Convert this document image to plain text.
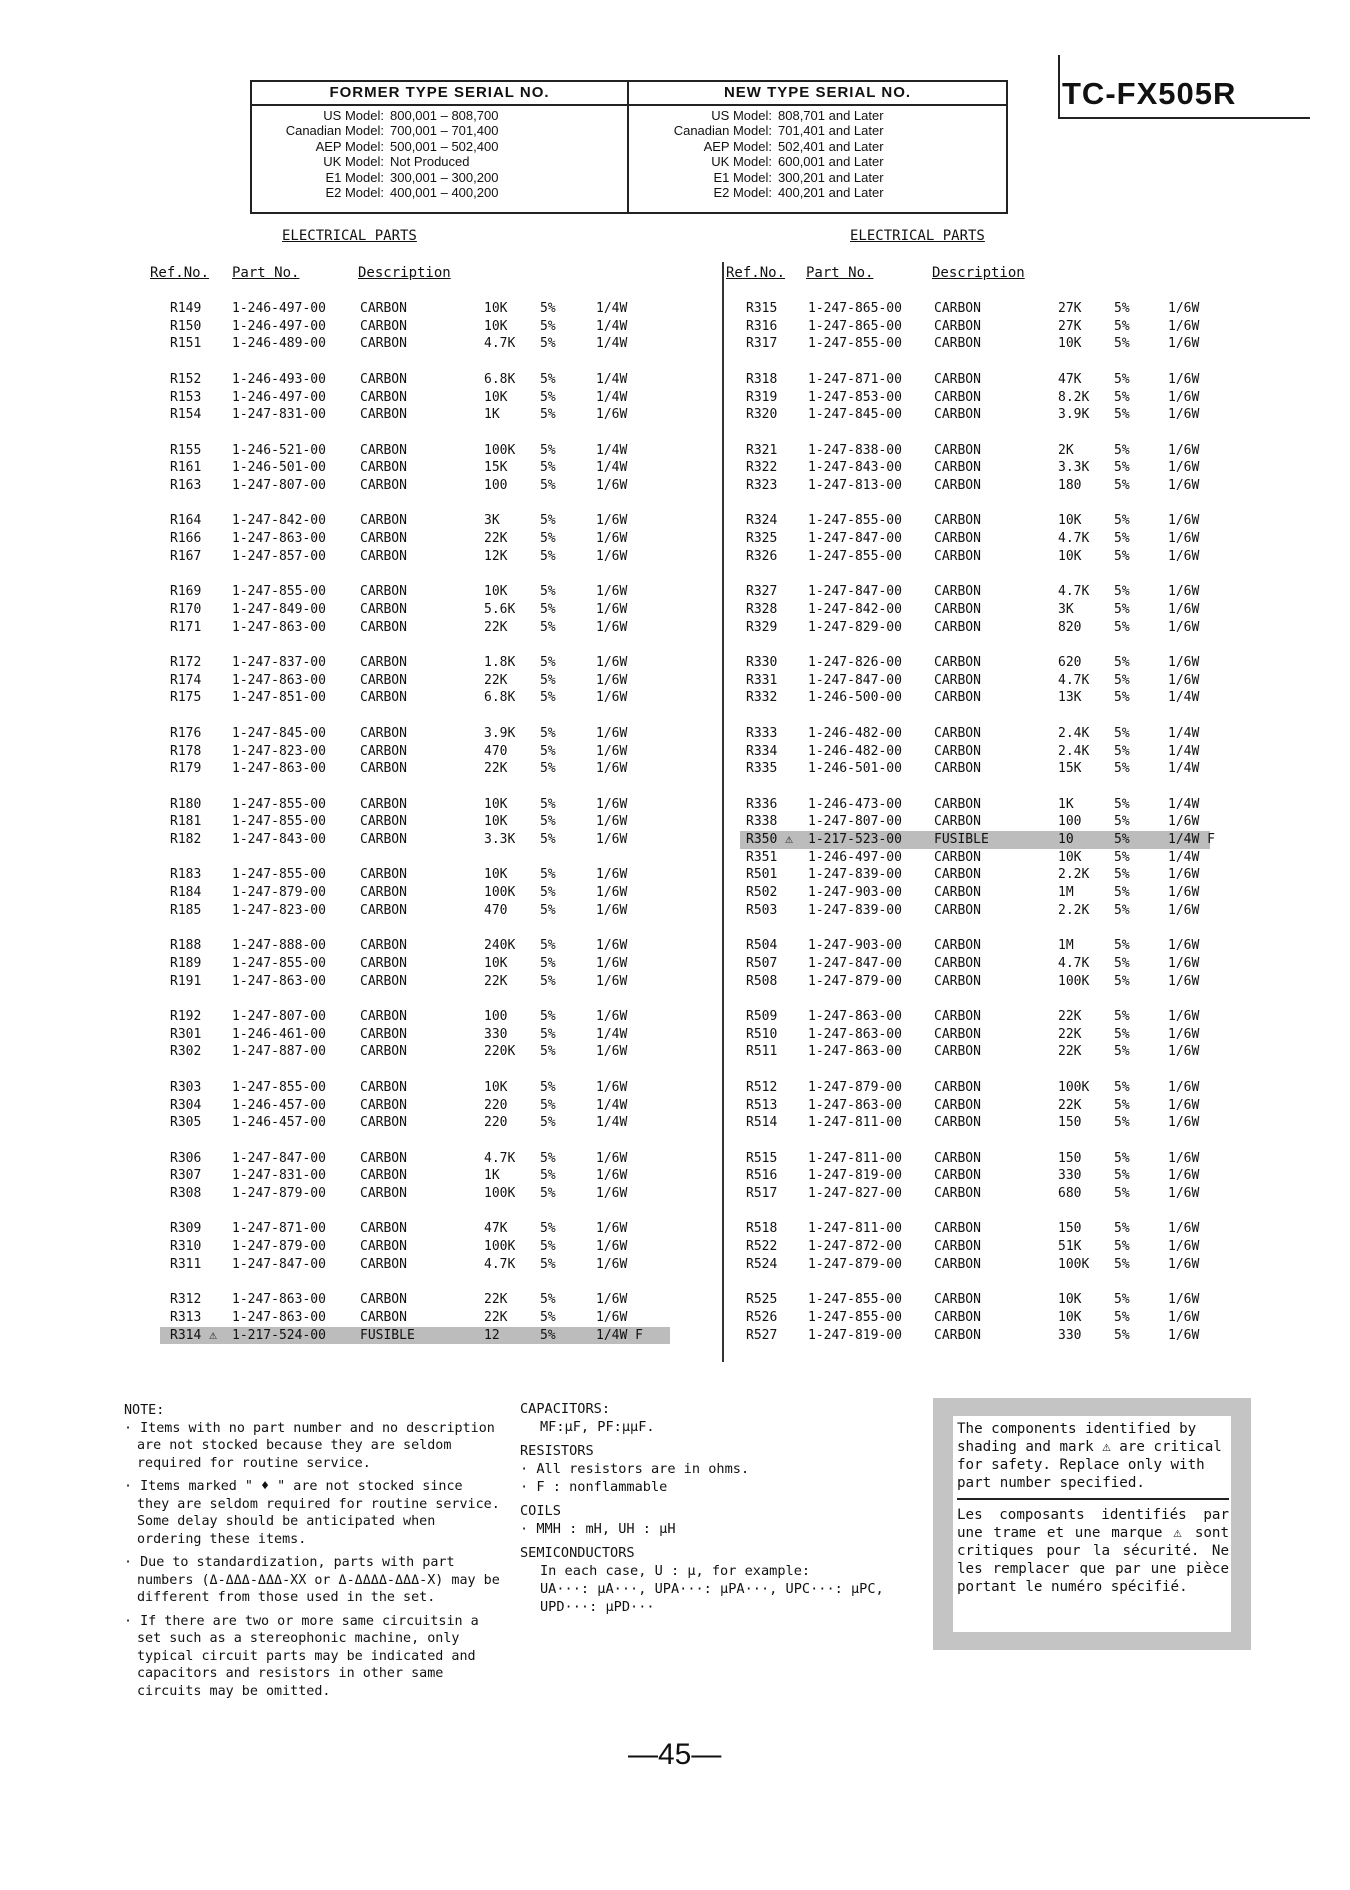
TC-FX505R
FORMER TYPE SERIAL NO.
US Model: 800,001 – 808,700
Canadian Model: 700,001 – 701,400
AEP Model: 500,001 – 502,400
UK Model: Not Produced
E1 Model: 300,001 – 300,200
E2 Model: 400,001 – 400,200
NEW TYPE SERIAL NO.
US Model: 808,701 and Later
Canadian Model: 701,401 and Later
AEP Model: 502,401 and Later
UK Model: 600,001 and Later
E1 Model: 300,201 and Later
E2 Model: 400,201 and Later
ELECTRICAL PARTS	ELECTRICAL PARTS
Ref.No. Part No.	Description	Ref.No. Part No.	Description
R149 1-246-497-00	CARBON	10K	5%	1/4W
R150 1-246-497-00	CARBON	10K	5%	1/4W
R151 1-246-489-00	CARBON	4.7K 5%	1/4W
R152 1-246-493-00	CARBON	6.8K 5%	1/4W
R153 1-246-497-00	CARBON	10K	5%	1/4W
R154 1-247-831-00	CARBON	1K	5%	1/6W
R155 1-246-521-00	CARBON	100K 5%	1/4W
R161 1-246-501-00	CARBON	15K	5%	1/4W
R163 1-247-807-00	CARBON	100	5%	1/6W
R164 1-247-842-00	CARBON	3K	5%	1/6W
R166 1-247-863-00	CARBON	22K	5%	1/6W
R167 1-247-857-00	CARBON	12K	5%	1/6W
R169 1-247-855-00	CARBON	10K	5%	1/6W
R170 1-247-849-00	CARBON	5.6K 5%	1/6W
R171 1-247-863-00	CARBON	22K	5%	1/6W
R172 1-247-837-00	CARBON	1.8K 5%	1/6W
R174 1-247-863-00	CARBON	22K	5%	1/6W
R175 1-247-851-00	CARBON	6.8K 5%	1/6W
R176 1-247-845-00	CARBON	3.9K 5%	1/6W
R178 1-247-823-00	CARBON	470	5%	1/6W
R179 1-247-863-00	CARBON	22K	5%	1/6W
R180 1-247-855-00	CARBON	10K	5%	1/6W
R181 1-247-855-00	CARBON	10K	5%	1/6W
R182 1-247-843-00	CARBON	3.3K 5%	1/6W
R183 1-247-855-00	CARBON	10K	5%	1/6W
R184 1-247-879-00	CARBON	100K 5%	1/6W
R185 1-247-823-00	CARBON	470	5%	1/6W
R188 1-247-888-00	CARBON	240K 5%	1/6W
R189 1-247-855-00	CARBON	10K	5%	1/6W
R191 1-247-863-00	CARBON	22K	5%	1/6W
R192 1-247-807-00	CARBON	100	5%	1/6W
R301 1-246-461-00	CARBON	330	5%	1/4W
R302 1-247-887-00	CARBON	220K 5%	1/6W
R303 1-247-855-00	CARBON	10K	5%	1/6W
R304 1-246-457-00	CARBON	220	5%	1/4W
R305 1-246-457-00	CARBON	220	5%	1/4W
R306 1-247-847-00	CARBON	4.7K 5%	1/6W
R307 1-247-831-00	CARBON	1K	5%	1/6W
R308 1-247-879-00	CARBON	100K 5%	1/6W
R309 1-247-871-00	CARBON	47K	5%	1/6W
R310 1-247-879-00	CARBON	100K 5%	1/6W
R311 1-247-847-00	CARBON	4.7K 5%	1/6W
R312 1-247-863-00	CARBON	22K	5%	1/6W
R313 1-247-863-00	CARBON	22K	5%	1/6W
R314 ⚠ 1-217-524-00	FUSIBLE	12	5%	1/4W F
R315 1-247-865-00 CARBON	27K	5%	1/6W
R316 1-247-865-00 CARBON	27K	5%	1/6W
R317 1-247-855-00 CARBON	10K	5%	1/6W
R318 1-247-871-00 CARBON	47K	5%	1/6W
R319 1-247-853-00 CARBON	8.2K 5%	1/6W
R320 1-247-845-00 CARBON	3.9K 5%	1/6W
R321 1-247-838-00 CARBON	2K	5%	1/6W
R322 1-247-843-00 CARBON	3.3K 5%	1/6W
R323 1-247-813-00 CARBON	180	5%	1/6W
R324 1-247-855-00 CARBON	10K	5%	1/6W
R325 1-247-847-00 CARBON	4.7K 5%	1/6W
R326 1-247-855-00 CARBON	10K	5%	1/6W
R327 1-247-847-00 CARBON	4.7K 5%	1/6W
R328 1-247-842-00 CARBON	3K	5%	1/6W
R329 1-247-829-00 CARBON	820	5%	1/6W
R330 1-247-826-00 CARBON	620	5%	1/6W
R331 1-247-847-00 CARBON	4.7K 5%	1/6W
R332 1-246-500-00 CARBON	13K	5%	1/4W
R333 1-246-482-00 CARBON	2.4K 5%	1/4W
R334 1-246-482-00 CARBON	2.4K 5%	1/4W
R335 1-246-501-00 CARBON	15K	5%	1/4W
R336 1-246-473-00 CARBON	1K	5%	1/4W
R338 1-247-807-00 CARBON	100	5%	1/6W
R350 ⚠ 1-217-523-00 FUSIBLE	10	5%	1/4W F
R351 1-246-497-00 CARBON	10K	5%	1/4W
R501 1-247-839-00 CARBON	2.2K 5%	1/6W
R502 1-247-903-00 CARBON	1M	5%	1/6W
R503 1-247-839-00 CARBON	2.2K 5%	1/6W
R504 1-247-903-00 CARBON	1M	5%	1/6W
R507 1-247-847-00 CARBON	4.7K 5%	1/6W
R508 1-247-879-00 CARBON	100K 5%	1/6W
R509 1-247-863-00 CARBON	22K	5%	1/6W
R510 1-247-863-00 CARBON	22K	5%	1/6W
R511 1-247-863-00 CARBON	22K	5%	1/6W
R512 1-247-879-00 CARBON	100K 5%	1/6W
R513 1-247-863-00 CARBON	22K	5%	1/6W
R514 1-247-811-00 CARBON	150	5%	1/6W
R515 1-247-811-00 CARBON	150	5%	1/6W
R516 1-247-819-00 CARBON	330	5%	1/6W
R517 1-247-827-00 CARBON	680	5%	1/6W
R518 1-247-811-00 CARBON	150	5%	1/6W
R522 1-247-872-00 CARBON	51K	5%	1/6W
R524 1-247-879-00 CARBON	100K 5%	1/6W
R525 1-247-855-00 CARBON	10K	5%	1/6W
R526 1-247-855-00 CARBON	10K	5%	1/6W
R527 1-247-819-00 CARBON	330	5%	1/6W
NOTE:

· Items with no part number and no description are not stocked because they are seldom required for routine service.

· Items marked " ♦ " are not stocked since they are seldom required for routine service. Some delay should be anticipated when ordering these items.

· Due to standardization, parts with part numbers (Δ-ΔΔΔ-ΔΔΔ-XX or Δ-ΔΔΔΔ-ΔΔΔ-X) may be different from those used in the set.

· If there are two or more same circuitsin a set such as a stereophonic machine, only typical circuit parts may be indicated and capacitors and resistors in other same circuits may be omitted.

CAPACITORS:
MF:µF, PF:µµF.
RESISTORS
· All resistors are in ohms.
· F : nonflammable
COILS
· MMH : mH, UH : µH
SEMICONDUCTORS
In each case, U : µ, for example:
UA···: µA···, UPA···: µPA···, UPC···: µPC,
UPD···: µPD···
The components identified by shading and mark ⚠ are critical for safety. Replace only with part number specified.
Les composants identifiés par une trame et une marque ⚠ sont critiques pour la sécurité. Ne les remplacer que par une pièce portant le numéro spécifié.
—45—
